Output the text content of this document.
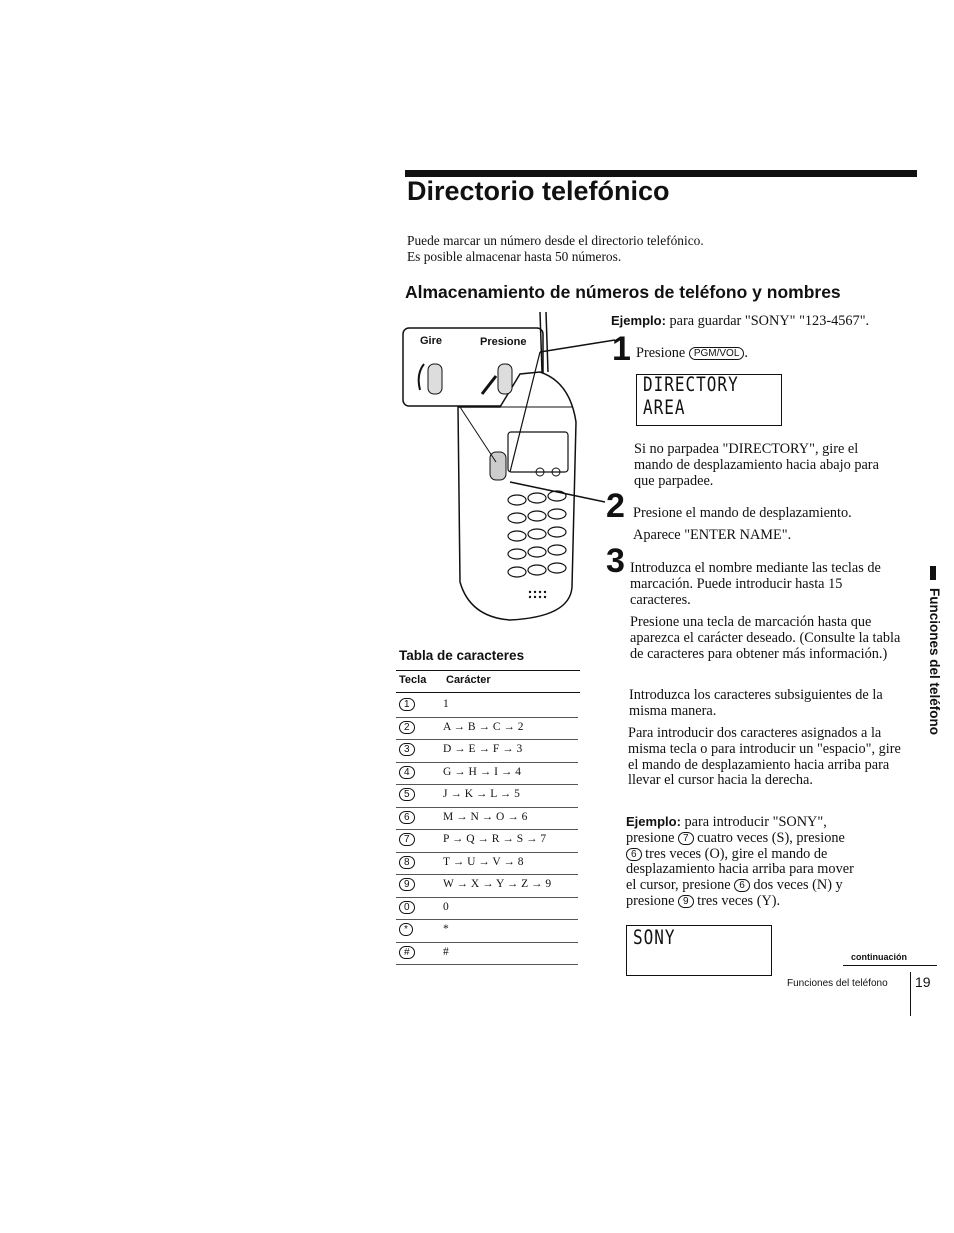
Directorio telefónico
Puede marcar un número desde el directorio telefónico.
Es posible almacenar hasta 50 números.
Almacenamiento de números de teléfono y nombres
Gire	Presione
Ejemplo: para guardar "SONY" "123-4567".
1 Presione PGM/VOL .
DIRECTORY AREA
Si no parpadea "DIRECTORY", gire el mando de desplazamiento hacia abajo para que parpadee.
2 Presione el mando de desplazamiento.
Aparece "ENTER NAME".
3 Introduzca el nombre mediante las teclas de marcación. Puede introducir hasta 15 caracteres.
Presione una tecla de marcación hasta que aparezca el carácter deseado. (Consulte la tabla de caracteres para obtener más información.)
Introduzca los caracteres subsiguientes de la misma manera.
Para introducir dos caracteres asignados a la misma tecla o para introducir un "espacio", gire el mando de desplazamiento hacia arriba para llevar el cursor hacia la derecha.
Ejemplo: para introducir "SONY",
presione 7 cuatro veces (S), presione
6 tres veces (O), gire el mando de
desplazamiento hacia arriba para mover
el cursor, presione 6 dos veces (N) y
presione 9 tres veces (Y).
SONY
Tabla de caracteres
Tecla Carácter
1	1
2	A → B → C → 2
3	D → E → F → 3
4	G → H → I → 4
5	J → K → L → 5
6	M → N → O → 6
7	P → Q → R → S → 7
8	T → U → V → 8
9	W → X → Y → Z → 9
0	0
*	*
#	#
Funciones del teléfono
continuación
Funciones del teléfono 19
